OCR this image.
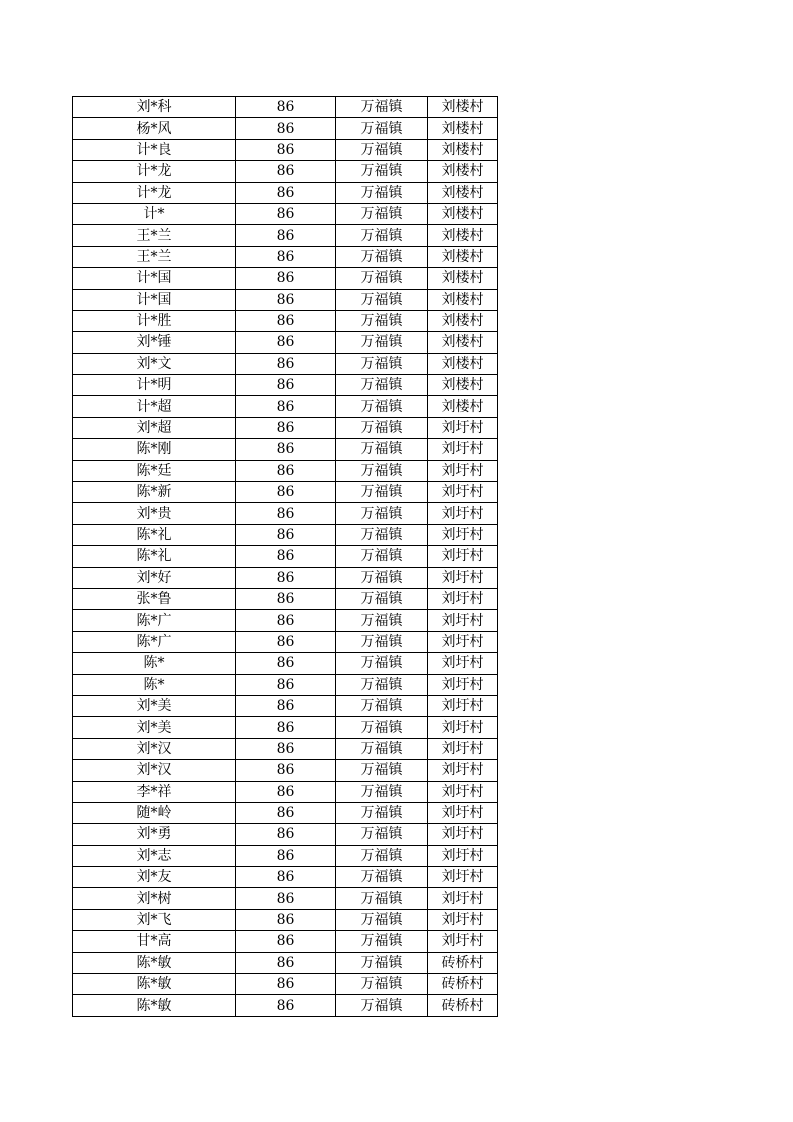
刘*科	86	万福镇	刘楼村
杨*风	86	万福镇	刘楼村
计*良	86	万福镇	刘楼村
计*龙	86	万福镇	刘楼村
计*龙	86	万福镇	刘楼村
计*	86	万福镇	刘楼村
王*兰	86	万福镇	刘楼村
王*兰	86	万福镇	刘楼村
计*国	86	万福镇	刘楼村
计*国	86	万福镇	刘楼村
计*胜	86	万福镇	刘楼村
刘*锤	86	万福镇	刘楼村
刘*文	86	万福镇	刘楼村
计*明	86	万福镇	刘楼村
计*超	86	万福镇	刘楼村
刘*超	86	万福镇	刘圩村
陈*刚	86	万福镇	刘圩村
陈*廷	86	万福镇	刘圩村
陈*新	86	万福镇	刘圩村
刘*贵	86	万福镇	刘圩村
陈*礼	86	万福镇	刘圩村
陈*礼	86	万福镇	刘圩村
刘*好	86	万福镇	刘圩村
张*鲁	86	万福镇	刘圩村
陈*广	86	万福镇	刘圩村
陈*广	86	万福镇	刘圩村
陈*	86	万福镇	刘圩村
陈*	86	万福镇	刘圩村
刘*美	86	万福镇	刘圩村
刘*美	86	万福镇	刘圩村
刘*汉	86	万福镇	刘圩村
刘*汉	86	万福镇	刘圩村
李*祥	86	万福镇	刘圩村
随*岭	86	万福镇	刘圩村
刘*勇	86	万福镇	刘圩村
刘*志	86	万福镇	刘圩村
刘*友	86	万福镇	刘圩村
刘*树	86	万福镇	刘圩村
刘*飞	86	万福镇	刘圩村
甘*高	86	万福镇	刘圩村
陈*敏	86	万福镇	砖桥村
陈*敏	86	万福镇	砖桥村
陈*敏	86	万福镇	砖桥村
